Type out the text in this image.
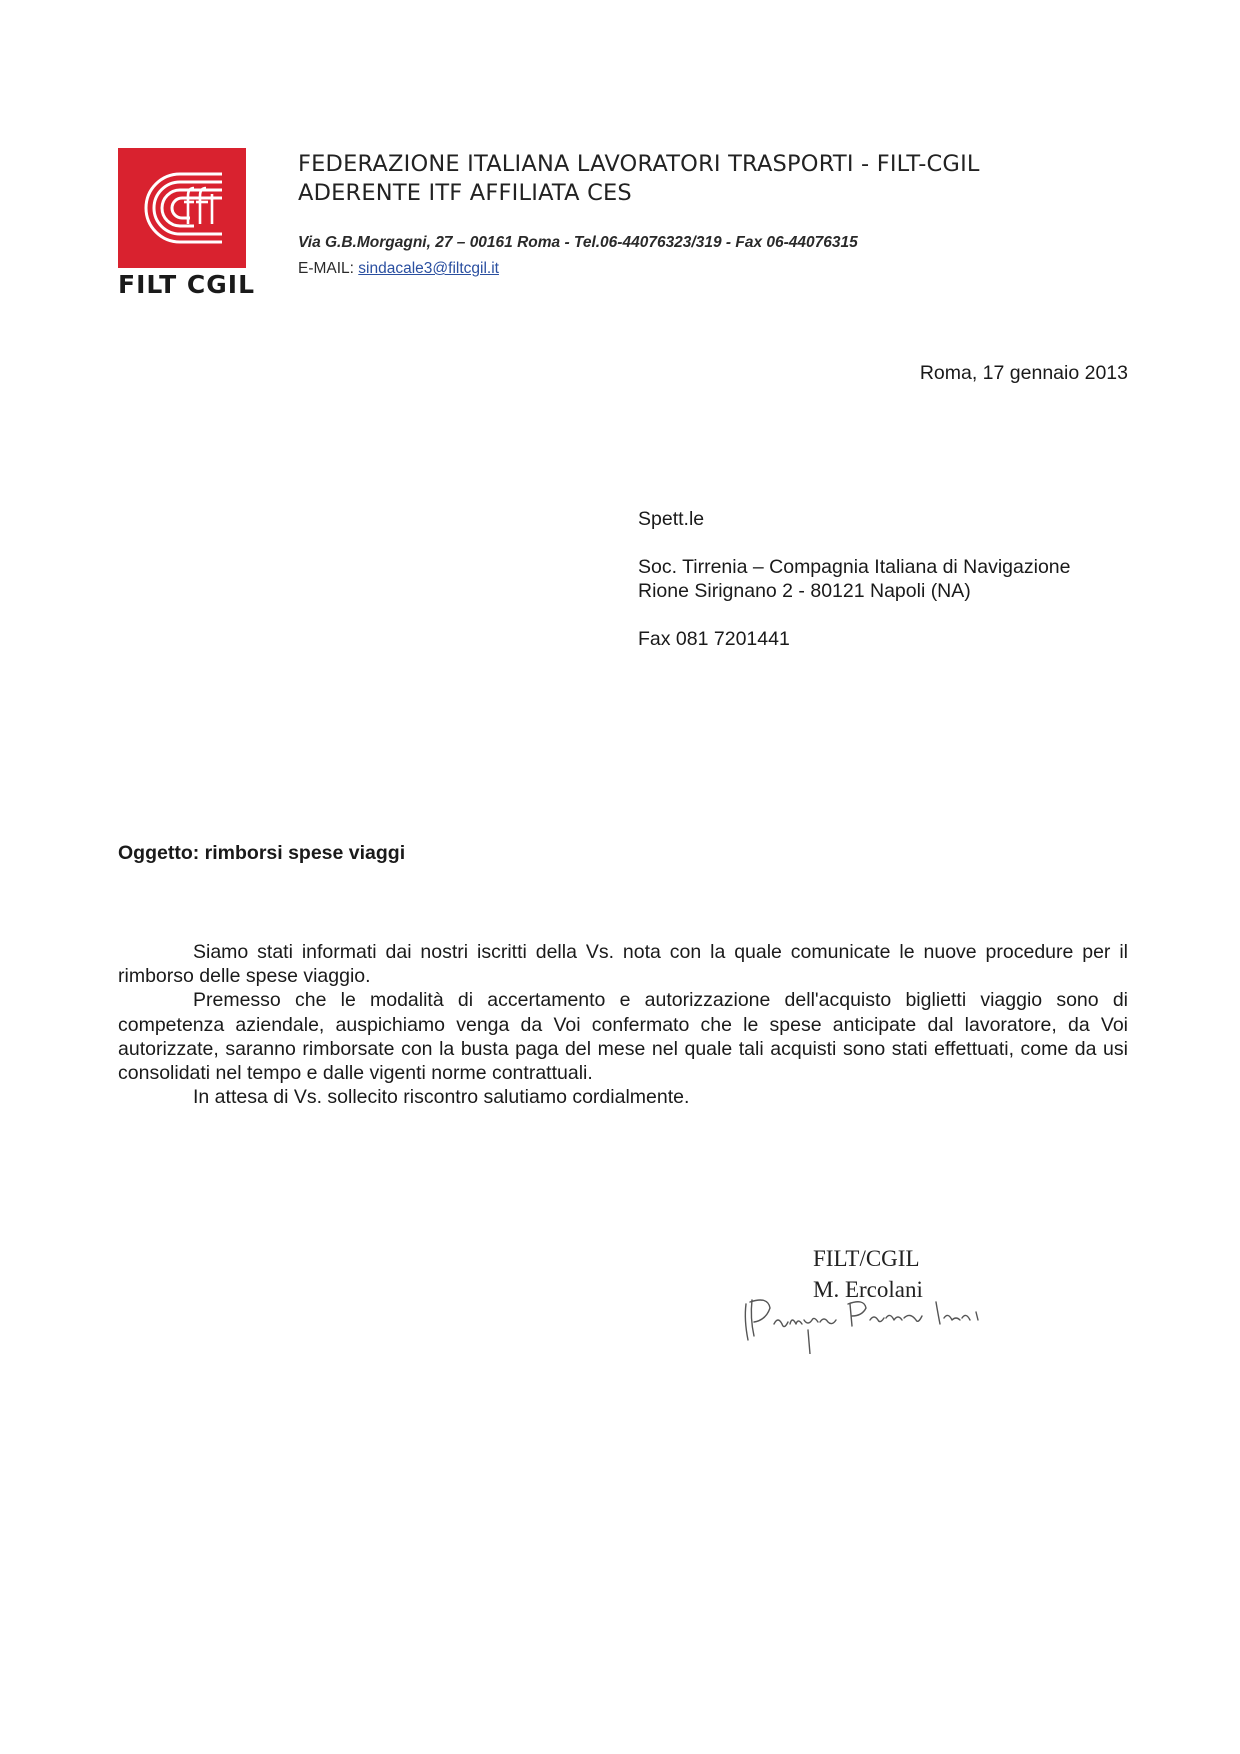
FILT CGIL
FEDERAZIONE ITALIANA LAVORATORI TRASPORTI - FILT-CGIL
ADERENTE ITF AFFILIATA CES
Via G.B.Morgagni, 27 – 00161 Roma - Tel.06-44076323/319 - Fax 06-44076315
E-MAIL: sindacale3@filtcgil.it
Roma, 17 gennaio 2013
Spett.le
Soc. Tirrenia – Compagnia Italiana di Navigazione
Rione Sirignano 2 - 80121 Napoli (NA)
Fax 081 7201441
Oggetto: rimborsi spese viaggi

Siamo stati informati dai nostri iscritti della Vs. nota con la quale comunicate le nuove procedure per il rimborso delle spese viaggio.

Premesso che le modalità di accertamento e autorizzazione dell'acquisto biglietti viaggio sono di competenza aziendale, auspichiamo venga da Voi confermato che le spese anticipate dal lavoratore, da Voi autorizzate, saranno rimborsate con la busta paga del mese nel quale tali acquisti sono stati effettuati, come da usi consolidati nel tempo e dalle vigenti norme contrattuali.

In attesa di Vs. sollecito riscontro salutiamo cordialmente.

FILT/CGIL
M. Ercolani
